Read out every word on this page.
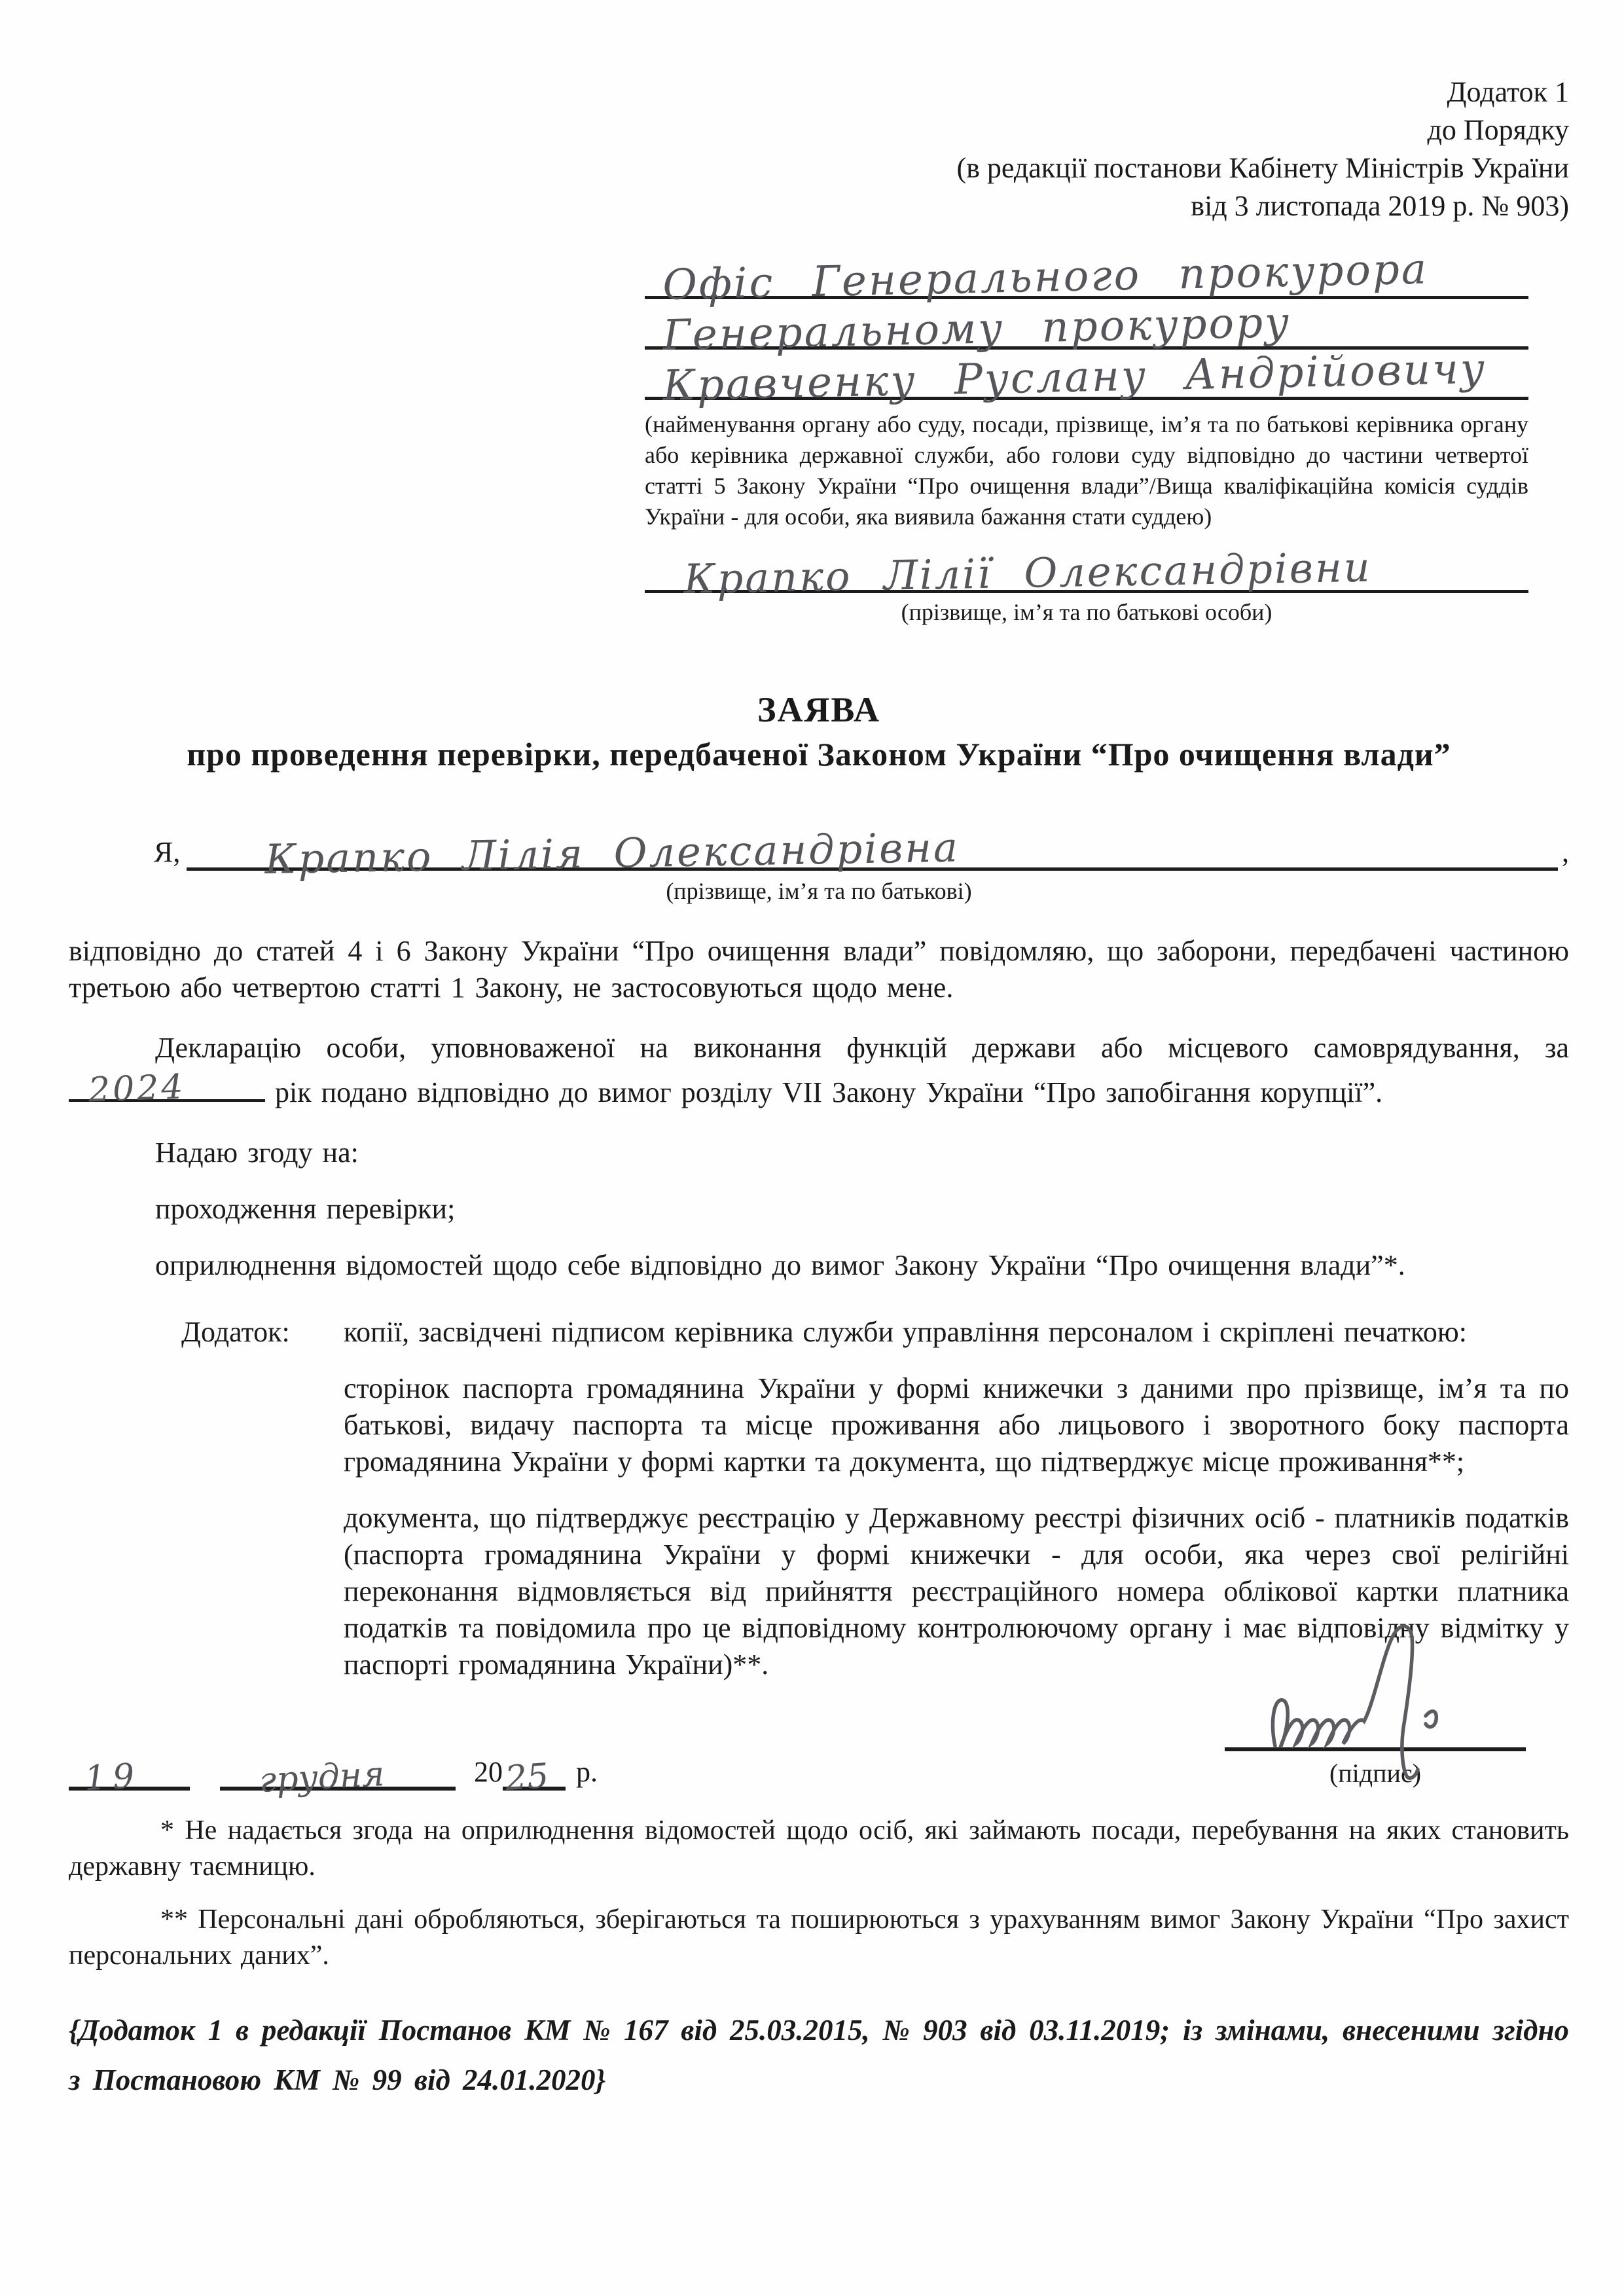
Додаток 1
до Порядку
(в редакції постанови Кабінету Міністрів України
від 3 листопада 2019 р. № 903)
Офіс Генерального прокурора
Генеральному прокурору
Кравченку Руслану Андрійовичу
(найменування органу або суду, посади, прізвище, ім’я та по батькові керівника органу або керівника державної служби, або голови суду відповідно до частини четвертої статті 5 Закону України “Про очищення влади”/Вища кваліфікаційна комісія суддів України - для особи, яка виявила бажання стати суддею)
Крапко Лілії Олександрівни
(прізвище, ім’я та по батькові особи)
ЗАЯВА
про проведення перевірки, передбаченої Законом України “Про очищення влади”
Я, Крапко Лілія Олександрівна	,
(прізвище, ім’я та по батькові)

відповідно до статей 4 і 6 Закону України “Про очищення влади” повідомляю, що заборони, передбачені частиною третьою або четвертою статті 1 Закону, не застосовуються щодо мене.

Декларацію особи, уповноваженої на виконання функцій держави або місцевого самоврядування, за
2024	рік подано відповідно до вимог розділу VII Закону України “Про запобігання корупції”.

Надаю згоду на:

проходження перевірки;

оприлюднення відомостей щодо себе відповідно до вимог Закону України “Про очищення влади”*.

Додаток:	копії, засвідчені підписом керівника служби управління персоналом і скріплені печаткою:

сторінок паспорта громадянина України у формі книжечки з даними про прізвище, ім’я та по батькові, видачу паспорта та місце проживання або лицьового і зворотного боку паспорта громадянина України у формі картки та документа, що підтверджує місце проживання**;

документа, що підтверджує реєстрацію у Державному реєстрі фізичних осіб - платників податків (паспорта громадянина України у формі книжечки - для особи, яка через свої релігійні переконання відмовляється від прийняття реєстраційного номера облікової картки платника податків та повідомила про це відповідному контролюючому органу і має відповідну відмітку у паспорті громадянина України)**.

19	грудня	20 25 р.	(підпис)

* Не надається згода на оприлюднення відомостей щодо осіб, які займають посади, перебування на яких становить державну таємницю.

** Персональні дані обробляються, зберігаються та поширюються з урахуванням вимог Закону України “Про захист персональних даних”.

{Додаток 1 в редакції Постанов КМ № 167 від 25.03.2015, № 903 від 03.11.2019; із змінами, внесеними згідно з Постановою КМ № 99 від 24.01.2020}
